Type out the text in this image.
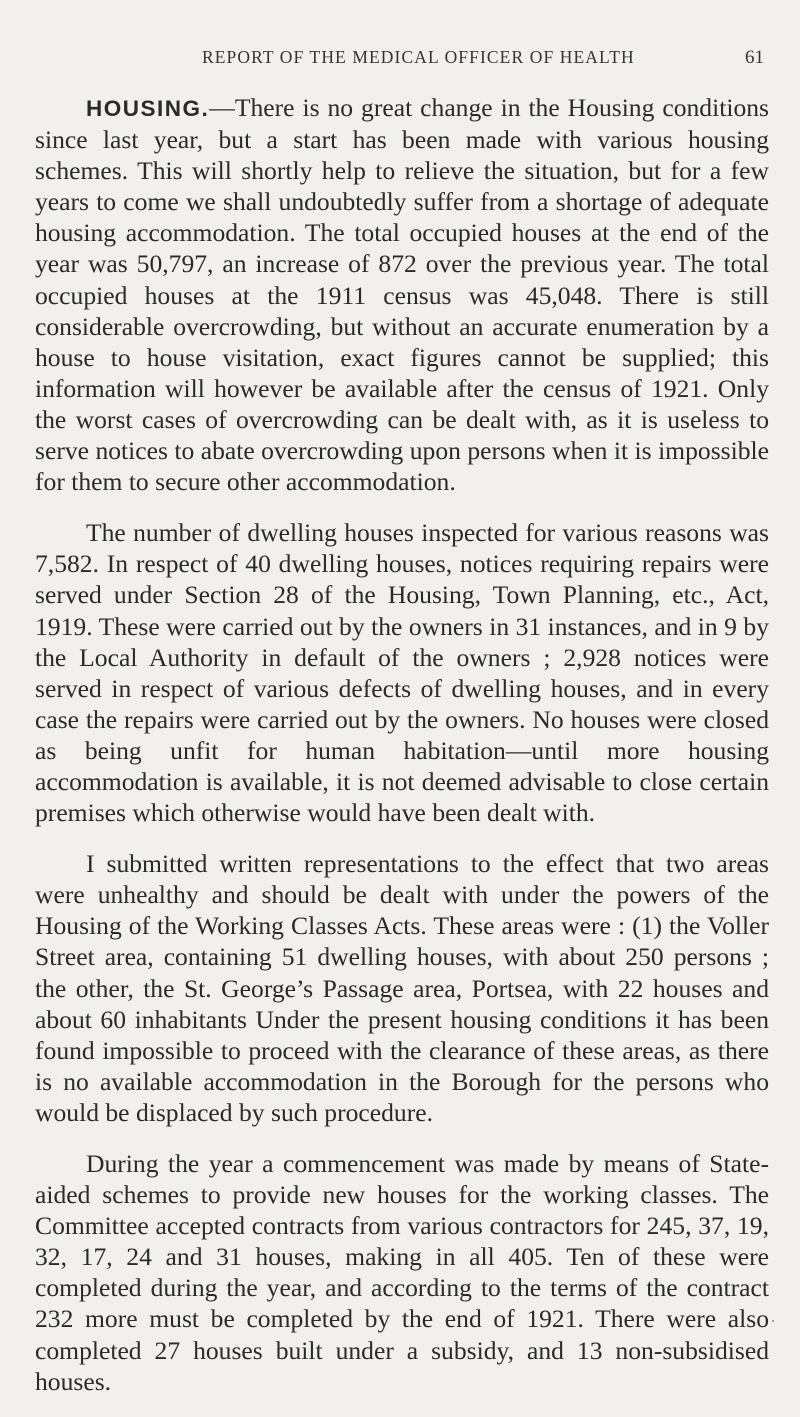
REPORT OF THE MEDICAL OFFICER OF HEALTH	61

HOUSING.—There is no great change in the Housing conditions since last year, but a start has been made with various housing schemes. This will shortly help to relieve the situation, but for a few years to come we shall undoubtedly suffer from a shortage of adequate housing accommodation. The total occupied houses at the end of the year was 50,797, an increase of 872 over the previous year. The total occupied houses at the 1911 census was 45,048. There is still considerable overcrowding, but without an accurate enumeration by a house to house visitation, exact figures cannot be supplied; this information will however be available after the census of 1921. Only the worst cases of overcrowding can be dealt with, as it is useless to serve notices to abate overcrowding upon persons when it is impossible for them to secure other accommodation.

The number of dwelling houses inspected for various reasons was 7,582. In respect of 40 dwelling houses, notices requiring repairs were served under Section 28 of the Housing, Town Planning, etc., Act, 1919. These were carried out by the owners in 31 instances, and in 9 by the Local Authority in default of the owners ; 2,928 notices were served in respect of various defects of dwelling houses, and in every case the repairs were carried out by the owners. No houses were closed as being unfit for human habitation—until more housing accommodation is available, it is not deemed advisable to close certain premises which otherwise would have been dealt with.

I submitted written representations to the effect that two areas were unhealthy and should be dealt with under the powers of the Housing of the Working Classes Acts. These areas were : (1) the Voller Street area, containing 51 dwelling houses, with about 250 persons ; the other, the St. George’s Passage area, Portsea, with 22 houses and about 60 inhabitants Under the present housing conditions it has been found impossible to proceed with the clearance of these areas, as there is no available accommodation in the Borough for the persons who would be displaced by such procedure.

During the year a commencement was made by means of State-aided schemes to provide new houses for the working classes. The Committee accepted contracts from various contractors for 245, 37, 19, 32, 17, 24 and 31 houses, making in all 405. Ten of these were completed during the year, and according to the terms of the contract 232 more must be completed by the end of 1921. There were also completed 27 houses built under a subsidy, and 13 non-subsidised houses.
